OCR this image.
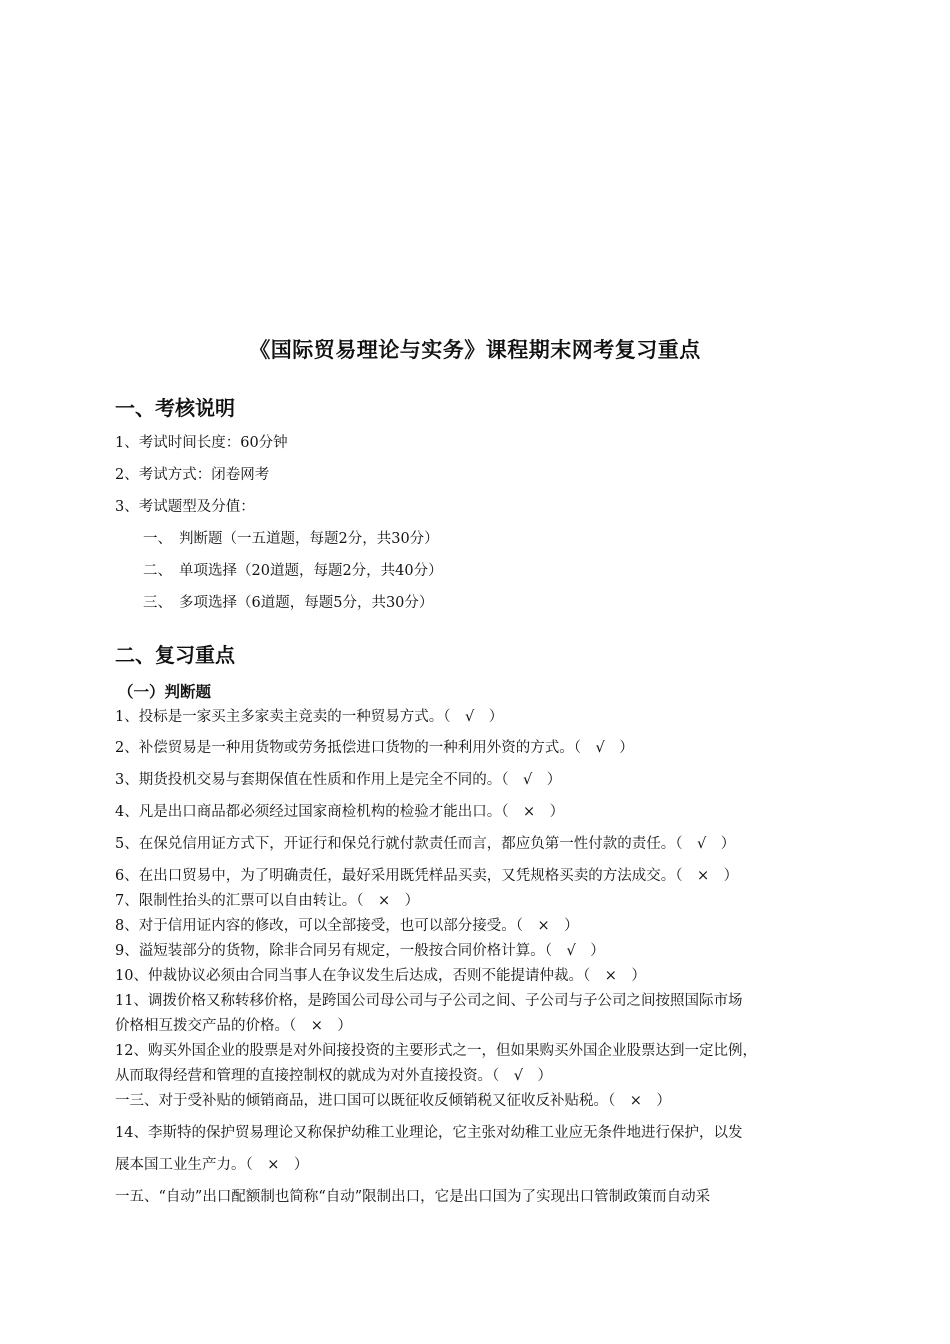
《国际贸易理论与实务》课程期末网考复习重点
一、考核说明
1、考试时间长度：60分钟
2、考试方式：闭卷网考
3、考试题型及分值：
一、 判断题（一五道题，每题2分，共30分）
二、 单项选择（20道题，每题2分，共40分）
三、 多项选择（6道题，每题5分，共30分）
二、复习重点
（一）判断题
1、投标是一家买主多家卖主竞卖的一种贸易方式。（　√　）
2、补偿贸易是一种用货物或劳务抵偿进口货物的一种利用外资的方式。（　√　）
3、期货投机交易与套期保值在性质和作用上是完全不同的。（　√　）
4、凡是出口商品都必须经过国家商检机构的检验才能出口。（　×　）
5、在保兑信用证方式下，开证行和保兑行就付款责任而言，都应负第一性付款的责任。（　√　）
6、在出口贸易中，为了明确责任，最好采用既凭样品买卖，又凭规格买卖的方法成交。（　×　）
7、限制性抬头的汇票可以自由转让。（　×　）
8、对于信用证内容的修改，可以全部接受，也可以部分接受。（　×　）
9、溢短装部分的货物，除非合同另有规定，一般按合同价格计算。（　√　）
10、仲裁协议必须由合同当事人在争议发生后达成，否则不能提请仲裁。（　×　）
11、调拨价格又称转移价格，是跨国公司母公司与子公司之间、子公司与子公司之间按照国际市场
价格相互拨交产品的价格。（　×　）
12、购买外国企业的股票是对外间接投资的主要形式之一，但如果购买外国企业股票达到一定比例，
从而取得经营和管理的直接控制权的就成为对外直接投资。（　√　）
一三、对于受补贴的倾销商品，进口国可以既征收反倾销税又征收反补贴税。（　×　）
14、李斯特的保护贸易理论又称保护幼稚工业理论，它主张对幼稚工业应无条件地进行保护，以发
展本国工业生产力。（　×　）
一五、“自动”出口配额制也简称“自动”限制出口，它是出口国为了实现出口管制政策而自动采
